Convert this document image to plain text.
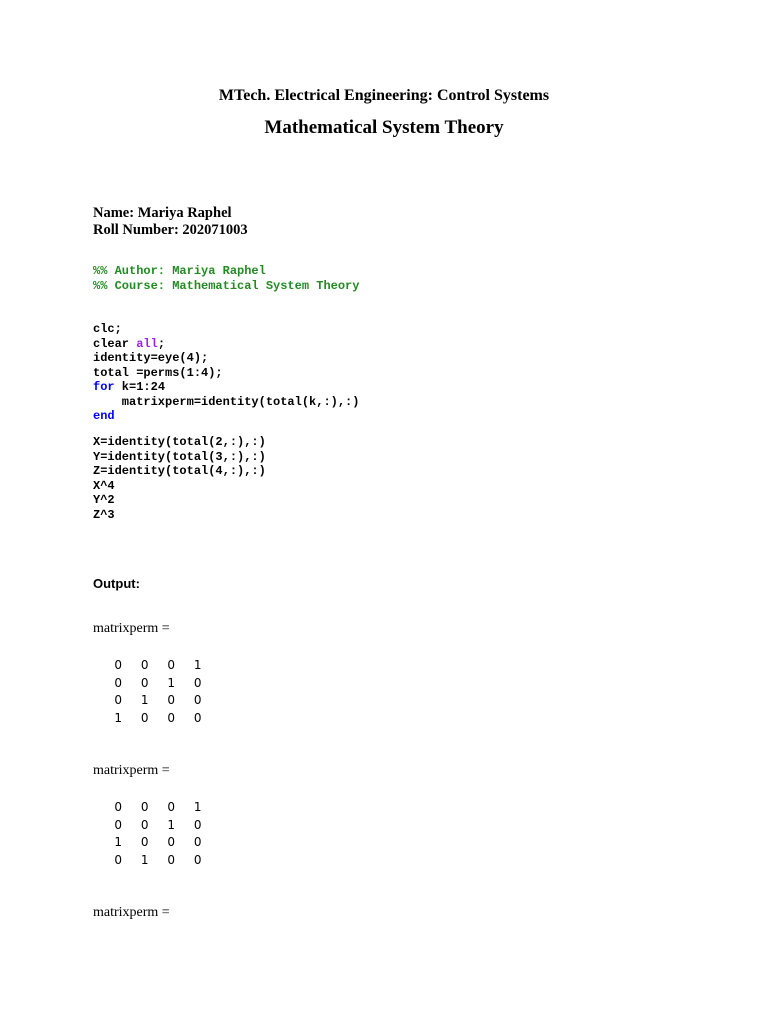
MTech. Electrical Engineering: Control Systems
Mathematical System Theory
Name: Mariya Raphel
Roll Number: 202071003
%% Author: Mariya Raphel
%% Course: Mathematical System Theory
clc;
clear all;
identity=eye(4);
total =perms(1:4);
for k=1:24
matrixperm=identity(total(k,:),:)
end
X=identity(total(2,:),:)
Y=identity(total(3,:),:)
Z=identity(total(4,:),:)
X^4
Y^2
Z^3
Output:
matrixperm =
0 0 0 1
0 0 1 0
0 1 0 0
1 0 0 0
matrixperm =
0 0 0 1
0 0 1 0
1 0 0 0
0 1 0 0
matrixperm =
